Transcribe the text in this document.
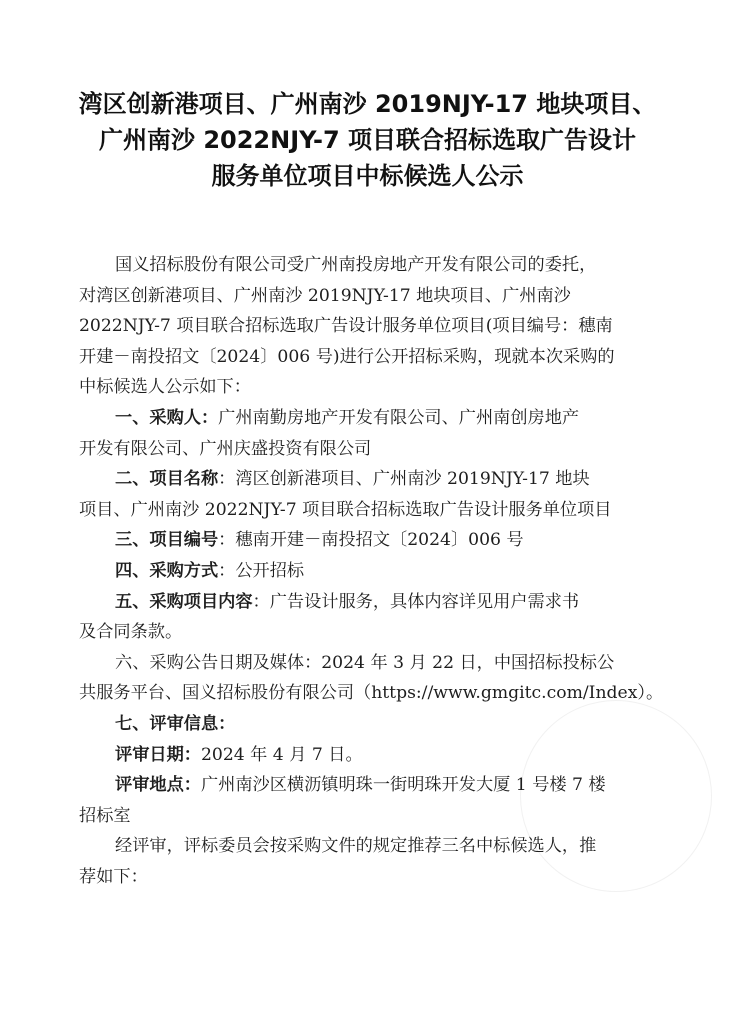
湾区创新港项目、广州南沙 2019NJY-17 地块项目、
广州南沙 2022NJY-7 项目联合招标选取广告设计
服务单位项目中标候选人公示
国义招标股份有限公司受广州南投房地产开发有限公司的委托，
对湾区创新港项目、广州南沙 2019NJY-17 地块项目、广州南沙
2022NJY-7 项目联合招标选取广告设计服务单位项目(项目编号：穗南
开建－南投招文〔2024〕006 号)进行公开招标采购，现就本次采购的
中标候选人公示如下：
一、采购人：广州南勤房地产开发有限公司、广州南创房地产
开发有限公司、广州庆盛投资有限公司
二、项目名称：湾区创新港项目、广州南沙 2019NJY-17 地块
项目、广州南沙 2022NJY-7 项目联合招标选取广告设计服务单位项目
三、项目编号：穗南开建－南投招文〔2024〕006 号
四、采购方式：公开招标
五、采购项目内容：广告设计服务，具体内容详见用户需求书
及合同条款。
六、采购公告日期及媒体：2024 年 3 月 22 日，中国招标投标公
共服务平台、国义招标股份有限公司（https://www.gmgitc.com/Index）。
七、评审信息：
评审日期：2024 年 4 月 7 日。
评审地点：广州南沙区横沥镇明珠一街明珠开发大厦 1 号楼 7 楼
招标室
经评审，评标委员会按采购文件的规定推荐三名中标候选人，推
荐如下：
